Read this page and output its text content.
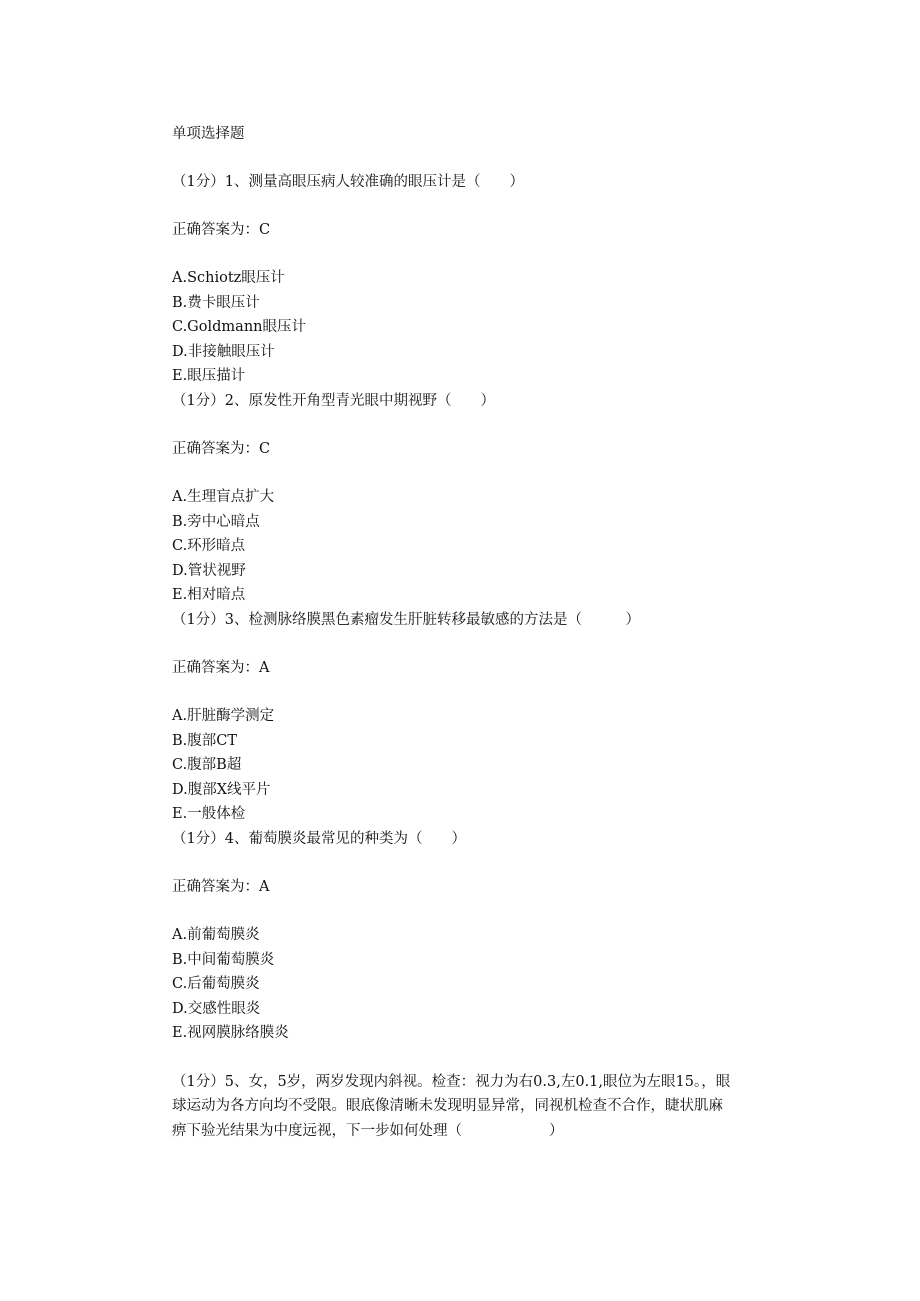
单项选择题
（1分）1、测量高眼压病人较准确的眼压计是（　　）
正确答案为：C
A.Schiotz眼压计
B.费卡眼压计
C.Goldmann眼压计
D.非接触眼压计
E.眼压描计
（1分）2、原发性开角型青光眼中期视野（　　）
正确答案为：C
A.生理盲点扩大
B.旁中心暗点
C.环形暗点
D.管状视野
E.相对暗点
（1分）3、检测脉络膜黑色素瘤发生肝脏转移最敏感的方法是（　　　）
正确答案为：A
A.肝脏酶学测定
B.腹部CT
C.腹部B超
D.腹部X线平片
E.一般体检
（1分）4、葡萄膜炎最常见的种类为（　　）
正确答案为：A
A.前葡萄膜炎
B.中间葡萄膜炎
C.后葡萄膜炎
D.交感性眼炎
E.视网膜脉络膜炎
（1分）5、女，5岁，两岁发现内斜视。检查：视力为右0.3,左0.1,眼位为左眼15。，眼球运动为各方向均不受限。眼底像清晰未发现明显异常，同视机检查不合作，睫状肌麻痹下验光结果为中度远视，下一步如何处理（　　　　　　）
